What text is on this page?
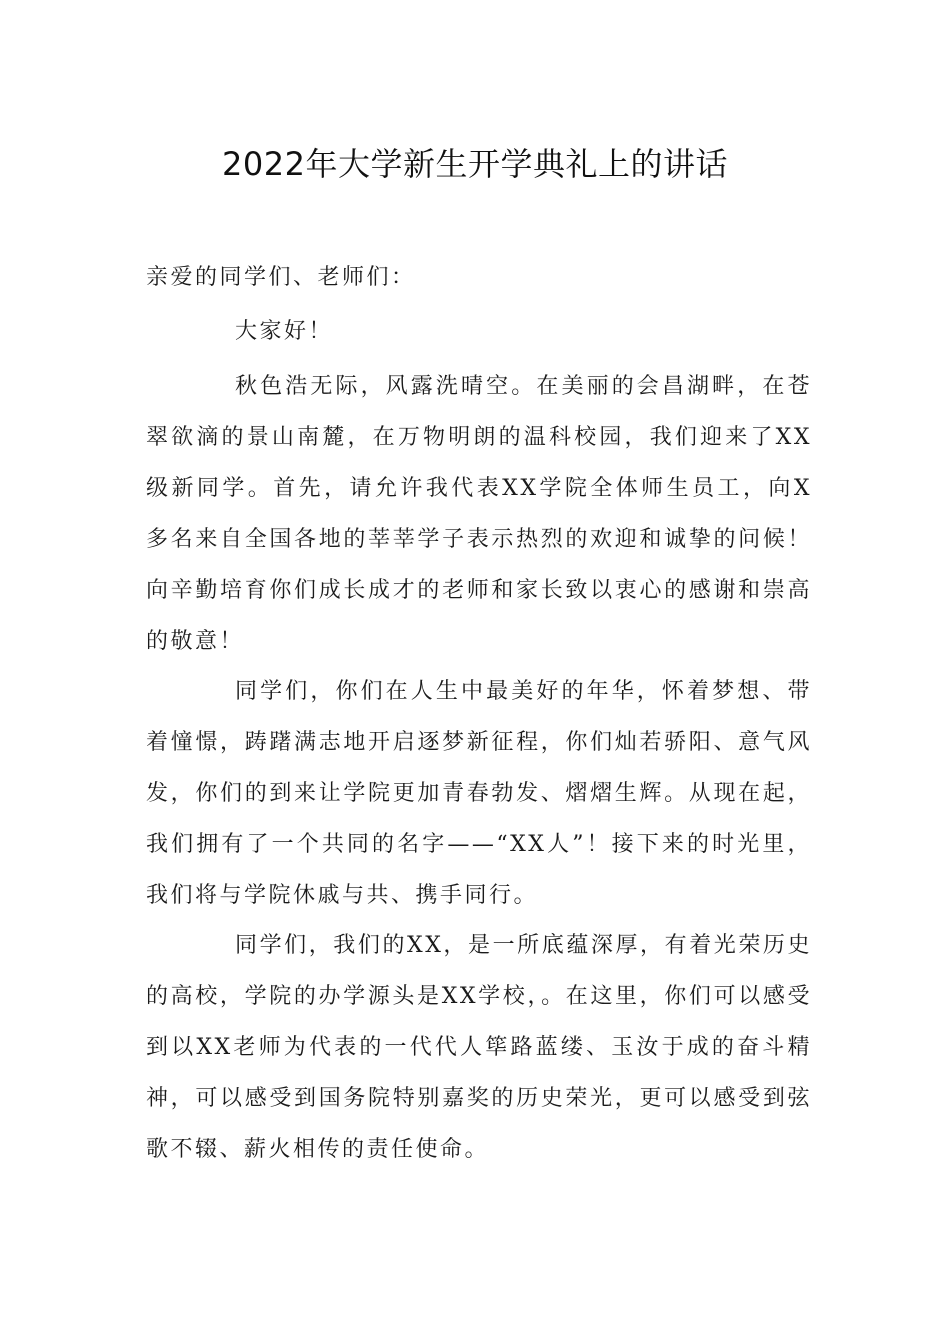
2022年大学新生开学典礼上的讲话
亲爱的同学们、老师们：
大家好！
秋色浩无际，风露洗晴空。在美丽的会昌湖畔，在苍翠欲滴的景山南麓，在万物明朗的温科校园，我们迎来了XX级新同学。首先，请允许我代表XX学院全体师生员工，向X多名来自全国各地的莘莘学子表示热烈的欢迎和诚挚的问候！向辛勤培育你们成长成才的老师和家长致以衷心的感谢和崇高的敬意！
同学们，你们在人生中最美好的年华，怀着梦想、带着憧憬，踌躇满志地开启逐梦新征程，你们灿若骄阳、意气风发，你们的到来让学院更加青春勃发、熠熠生辉。从现在起，我们拥有了一个共同的名字——“XX人”！接下来的时光里，我们将与学院休戚与共、携手同行。
同学们，我们的XX，是一所底蕴深厚，有着光荣历史的高校，学院的办学源头是XX学校，。在这里，你们可以感受到以XX老师为代表的一代代人筚路蓝缕、玉汝于成的奋斗精神，可以感受到国务院特别嘉奖的历史荣光，更可以感受到弦歌不辍、薪火相传的责任使命。
